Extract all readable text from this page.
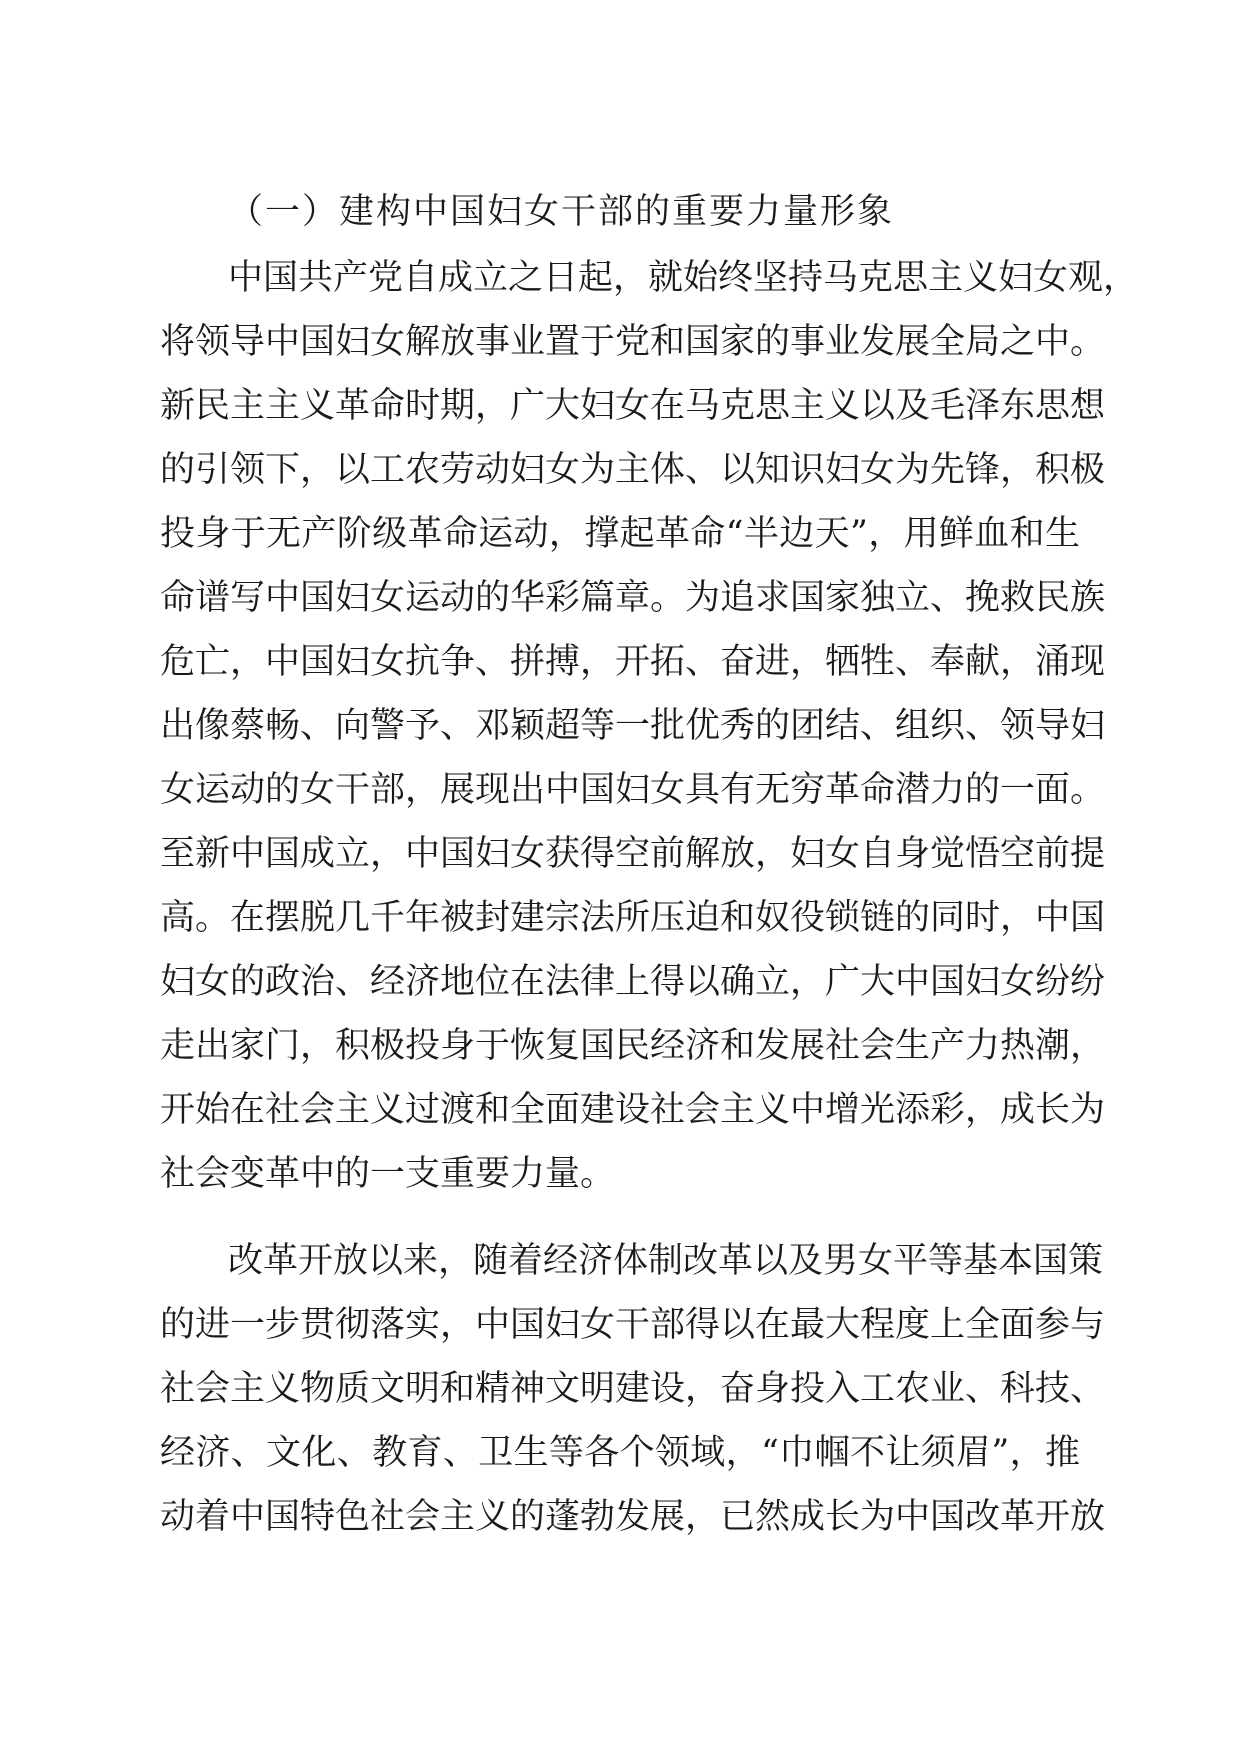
（一）建构中国妇女干部的重要力量形象
中国共产党自成立之日起，就始终坚持马克思主义妇女观，
将领导中国妇女解放事业置于党和国家的事业发展全局之中。
新民主主义革命时期，广大妇女在马克思主义以及毛泽东思想
的引领下，以工农劳动妇女为主体、以知识妇女为先锋，积极
投身于无产阶级革命运动，撑起革命“半边天”，用鲜血和生
命谱写中国妇女运动的华彩篇章。为追求国家独立、挽救民族
危亡，中国妇女抗争、拼搏，开拓、奋进，牺牲、奉献，涌现
出像蔡畅、向警予、邓颖超等一批优秀的团结、组织、领导妇
女运动的女干部，展现出中国妇女具有无穷革命潜力的一面。
至新中国成立，中国妇女获得空前解放，妇女自身觉悟空前提
高。在摆脱几千年被封建宗法所压迫和奴役锁链的同时，中国
妇女的政治、经济地位在法律上得以确立，广大中国妇女纷纷
走出家门，积极投身于恢复国民经济和发展社会生产力热潮，
开始在社会主义过渡和全面建设社会主义中增光添彩，成长为
社会变革中的一支重要力量。
改革开放以来，随着经济体制改革以及男女平等基本国策
的进一步贯彻落实，中国妇女干部得以在最大程度上全面参与
社会主义物质文明和精神文明建设，奋身投入工农业、科技、
经济、文化、教育、卫生等各个领域，“巾帼不让须眉”，推
动着中国特色社会主义的蓬勃发展，已然成长为中国改革开放
